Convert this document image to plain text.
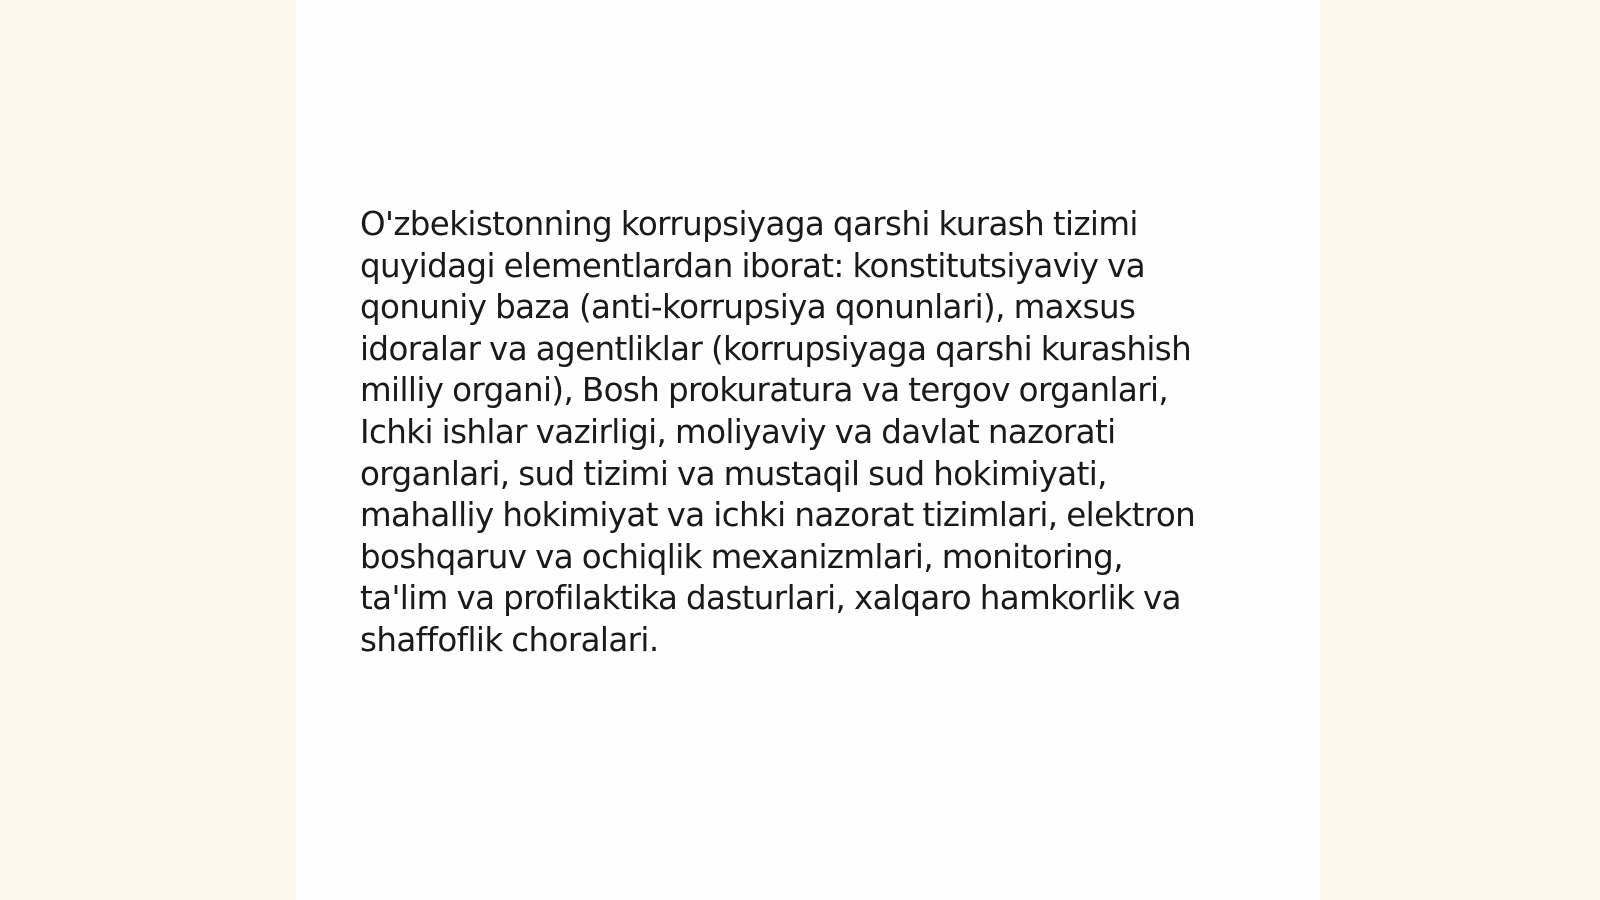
O'zbekistonning korrupsiyaga qarshi kurash tizimi
quyidagi elementlardan iborat: konstitutsiyaviy va
qonuniy baza (anti-korrupsiya qonunlari), maxsus
idoralar va agentliklar (korrupsiyaga qarshi kurashish
milliy organi), Bosh prokuratura va tergov organlari,
Ichki ishlar vazirligi, moliyaviy va davlat nazorati
organlari, sud tizimi va mustaqil sud hokimiyati,
mahalliy hokimiyat va ichki nazorat tizimlari, elektron
boshqaruv va ochiqlik mexanizmlari, monitoring,
ta'lim va profilaktika dasturlari, xalqaro hamkorlik va
shaffoflik choralari.
